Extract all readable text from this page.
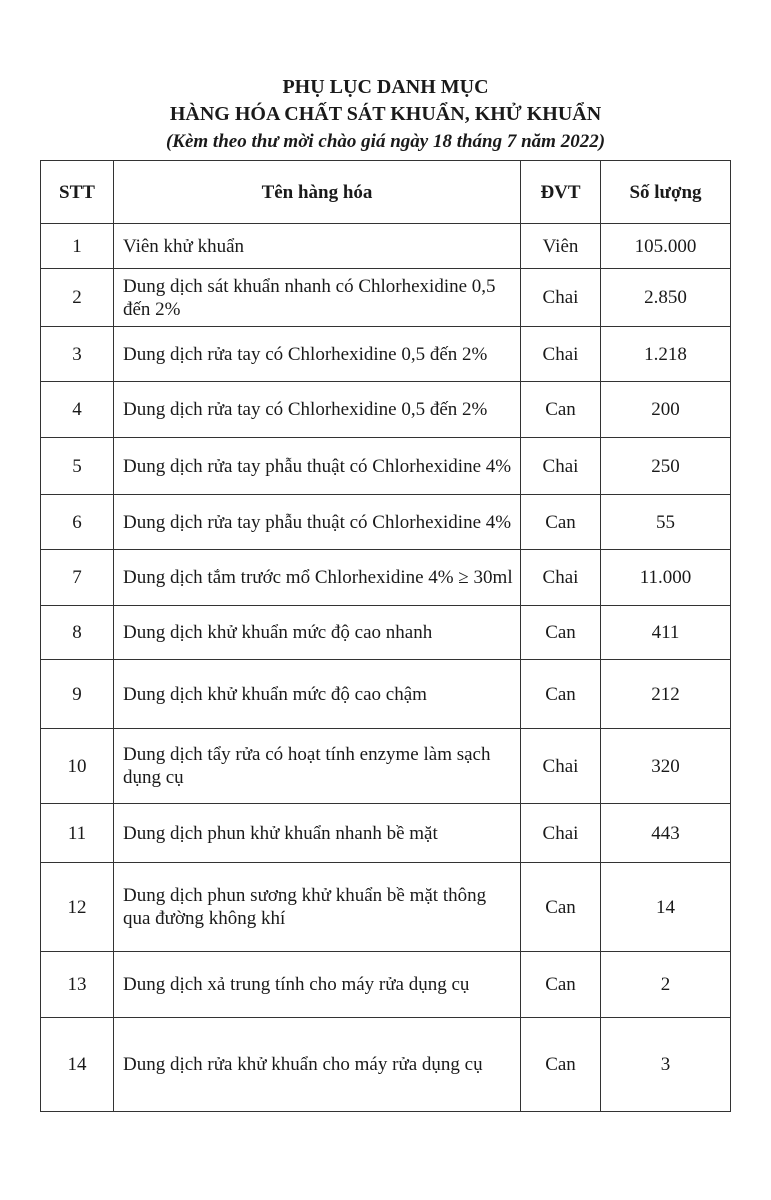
PHỤ LỤC DANH MỤC
HÀNG HÓA CHẤT SÁT KHUẨN, KHỬ KHUẨN
(Kèm theo thư mời chào giá ngày 18 tháng 7 năm 2022)
STT	Tên hàng hóa	ĐVT	Số lượng
1	Viên khử khuẩn	Viên	105.000
2	Dung dịch sát khuẩn nhanh có Chlorhexidine 0,5 đến 2%	Chai	2.850
3	Dung dịch rửa tay có Chlorhexidine 0,5 đến 2%	Chai	1.218
4	Dung dịch rửa tay có Chlorhexidine 0,5 đến 2%	Can	200
5	Dung dịch rửa tay phẫu thuật có Chlorhexidine 4%	Chai	250
6	Dung dịch rửa tay phẫu thuật có Chlorhexidine 4%	Can	55
7	Dung dịch tắm trước mổ Chlorhexidine 4% ≥ 30ml	Chai	11.000
8	Dung dịch khử khuẩn mức độ cao nhanh	Can	411
9	Dung dịch khử khuẩn mức độ cao chậm	Can	212
10	Dung dịch tẩy rửa có hoạt tính enzyme làm sạch dụng cụ	Chai	320
11	Dung dịch phun khử khuẩn nhanh bề mặt	Chai	443
12	Dung dịch phun sương khử khuẩn bề mặt thông qua đường không khí	Can	14
13	Dung dịch xả trung tính cho máy rửa dụng cụ	Can	2
14	Dung dịch rửa khử khuẩn cho máy rửa dụng cụ	Can	3
